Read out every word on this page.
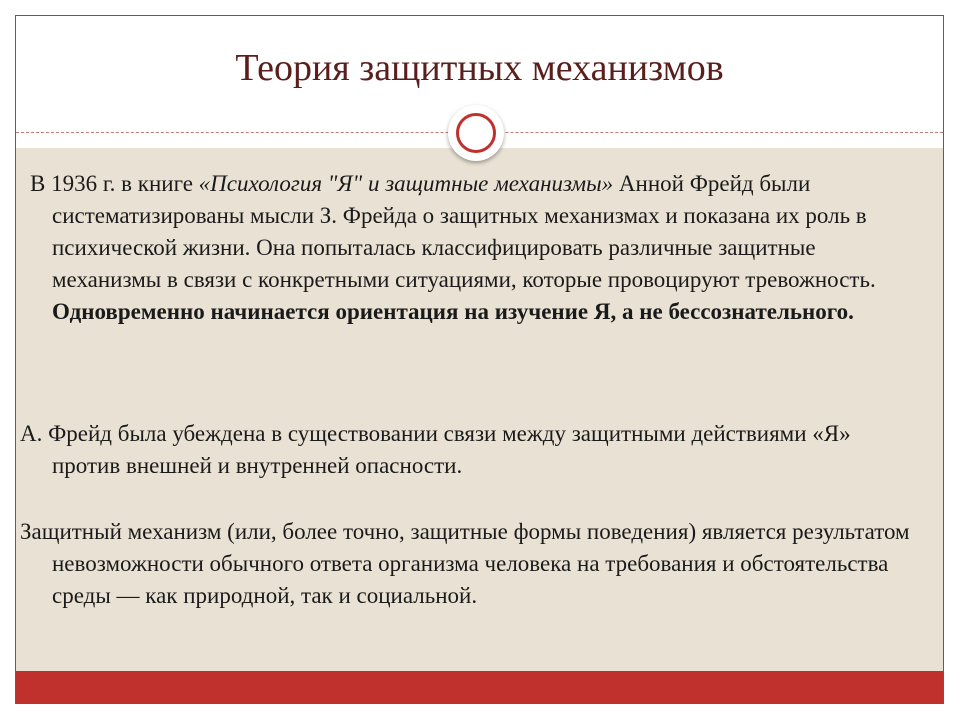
Теория защитных механизмов

В 1936 г. в книге «Психология "Я" и защитные механизмы» Анной Фрейд были систематизированы мысли З. Фрейда о защитных механизмах и показана их роль в психической жизни. Она попыталась классифицировать различные защитные механизмы в связи с конкретными ситуациями, которые провоцируют тревожность. Одновременно начинается ориентация на изучение Я, а не бессознательного.

А. Фрейд была убеждена в существовании связи между защитными действиями «Я» против внешней и внутренней опасности.

Защитный механизм (или, более точно, защитные формы поведения) является результатом невозможности обычного ответа организма человека на требования и обстоятельства среды — как природной, так и социальной.
